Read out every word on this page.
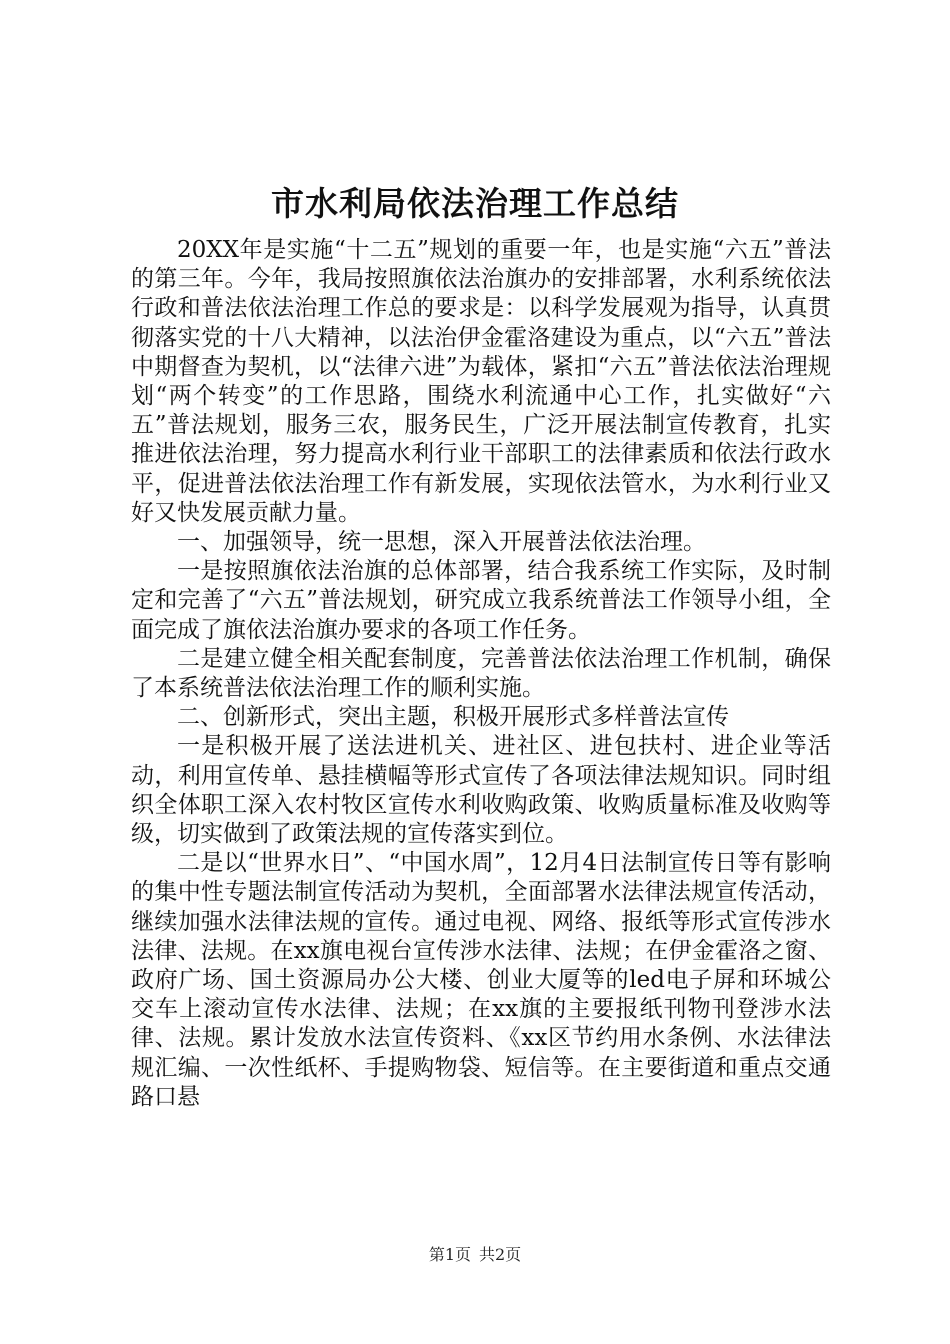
市水利局依法治理工作总结

20XX年是实施“十二五”规划的重要一年，也是实施“六五”普法的第三年。今年，我局按照旗依法治旗办的安排部署，水利系统依法行政和普法依法治理工作总的要求是：以科学发展观为指导，认真贯彻落实党的十八大精神，以法治伊金霍洛建设为重点，以“六五”普法中期督查为契机，以“法律六进”为载体，紧扣“六五”普法依法治理规划“两个转变”的工作思路，围绕水利流通中心工作，扎实做好“六五”普法规划，服务三农，服务民生，广泛开展法制宣传教育，扎实推进依法治理，努力提高水利行业干部职工的法律素质和依法行政水平，促进普法依法治理工作有新发展，实现依法管水，为水利行业又好又快发展贡献力量。

一、加强领导，统一思想，深入开展普法依法治理。

一是按照旗依法治旗的总体部署，结合我系统工作实际，及时制定和完善了“六五”普法规划，研究成立我系统普法工作领导小组，全面完成了旗依法治旗办要求的各项工作任务。

二是建立健全相关配套制度，完善普法依法治理工作机制，确保了本系统普法依法治理工作的顺利实施。

二、创新形式，突出主题，积极开展形式多样普法宣传

一是积极开展了送法进机关、进社区、进包扶村、进企业等活动，利用宣传单、悬挂横幅等形式宣传了各项法律法规知识。同时组织全体职工深入农村牧区宣传水利收购政策、收购质量标准及收购等级，切实做到了政策法规的宣传落实到位。

二是以“世界水日”、“中国水周”，12月4日法制宣传日等有影响的集中性专题法制宣传活动为契机，全面部署水法律法规宣传活动，继续加强水法律法规的宣传。通过电视、网络、报纸等形式宣传涉水法律、法规。在xx旗电视台宣传涉水法律、法规；在伊金霍洛之窗、政府广场、国土资源局办公大楼、创业大厦等的led电子屏和环城公交车上滚动宣传水法律、法规；在xx旗的主要报纸刊物刊登涉水法律、法规。累计发放水法宣传资料、《xx区节约用水条例、水法律法规汇编、一次性纸杯、手提购物袋、短信等。在主要街道和重点交通路口悬

第1页 共2页
